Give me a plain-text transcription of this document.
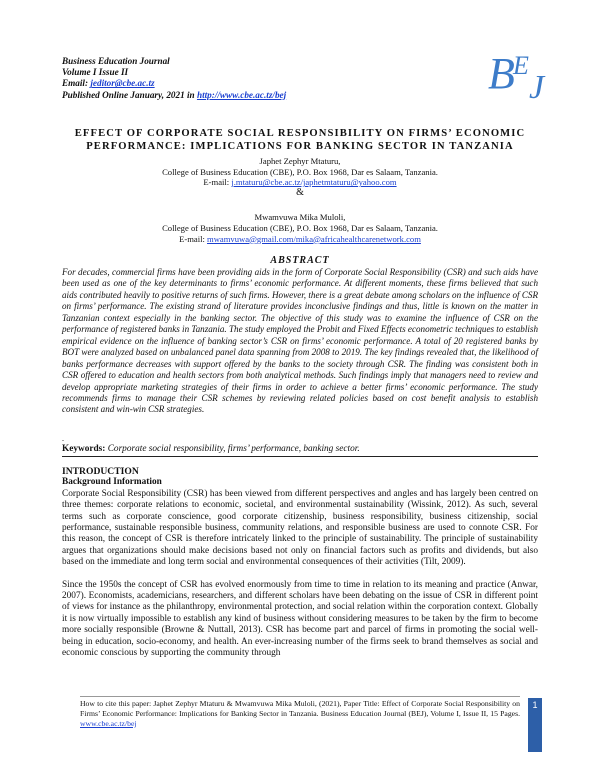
Business Education Journal
Volume I Issue II
Email: jeditor@cbe.ac.tz
Published Online January, 2021 in http://www.cbe.ac.tz/bej	B
E
J
EFFECT OF CORPORATE SOCIAL RESPONSIBILITY ON FIRMS’ ECONOMIC
PERFORMANCE: IMPLICATIONS FOR BANKING SECTOR IN TANZANIA
Japhet Zephyr Mtaturu,
College of Business Education (CBE), P.O. Box 1968, Dar es Salaam, Tanzania.
E-mail: j.mtaturu@cbe.ac.tz/japhetmtaturu@yahoo.com
&
Mwamvuwa Mika Muloli,
College of Business Education (CBE), P.O. Box 1968, Dar es Salaam, Tanzania.
E-mail: mwamvuwa@gmail.com/mika@africahealthcarenetwork.com
ABSTRACT
For decades, commercial firms have been providing aids in the form of Corporate Social Responsibility (CSR) and such aids have been used as one of the key determinants to firms’ economic performance. At different moments, these firms believed that such aids contributed heavily to positive returns of such firms. However, there is a great debate among scholars on the influence of CSR on firms’ performance. The existing strand of literature provides inconclusive findings and thus, little is known on the matter in Tanzanian context especially in the banking sector. The objective of this study was to examine the influence of CSR on the performance of registered banks in Tanzania. The study employed the Probit and Fixed Effects econometric techniques to establish empirical evidence on the influence of banking sector’s CSR on firms’ economic performance. A total of 20 registered banks by BOT were analyzed based on unbalanced panel data spanning from 2008 to 2019. The key findings revealed that, the likelihood of banks performance decreases with support offered by the banks to the society through CSR. The finding was consistent both in CSR offered to education and health sectors from both analytical methods. Such findings imply that managers need to review and develop appropriate marketing strategies of their firms in order to achieve a better firms’ economic performance. The study recommends firms to manage their CSR schemes by reviewing related policies based on cost benefit analysis to establish consistent and win-win CSR strategies.
.
Keywords: Corporate social responsibility, firms’ performance, banking sector.
INTRODUCTION
Background Information

Corporate Social Responsibility (CSR) has been viewed from different perspectives and angles and has largely been centred on three themes: corporate relations to economic, societal, and environmental sustainability (Wissink, 2012). As such, several terms such as corporate conscience, good corporate citizenship, business responsibility, business citizenship, social performance, sustainable responsible business, community relations, and responsible business are used to connote CSR. For this reason, the concept of CSR is therefore intricately linked to the principle of sustainability. The principle of sustainability argues that organizations should make decisions based not only on financial factors such as profits and dividends, but also based on the immediate and long term social and environmental consequences of their activities (Tilt, 2009).

Since the 1950s the concept of CSR has evolved enormously from time to time in relation to its meaning and practice (Anwar, 2007). Economists, academicians, researchers, and different scholars have been debating on the issue of CSR in different point of views for instance as the philanthropy, environmental protection, and social relation within the corporation context. Globally it is now virtually impossible to establish any kind of business without considering measures to be taken by the firm to become more socially responsible (Browne & Nuttall, 2013). CSR has become part and parcel of firms in promoting the social well-being in education, socio-economy, and health. An ever-increasing number of the firms seek to brand themselves as social and economic conscious by supporting the community through

How to cite this paper: Japhet Zephyr Mtaturu & Mwamvuwa Mika Muloli, (2021), Paper Title: Effect of Corporate Social Responsibility on Firms’ Economic Performance: Implications for Banking Sector in Tanzania. Business Education Journal (BEJ), Volume I, Issue II, 15 Pages. www.cbe.ac.tz/bej
1
